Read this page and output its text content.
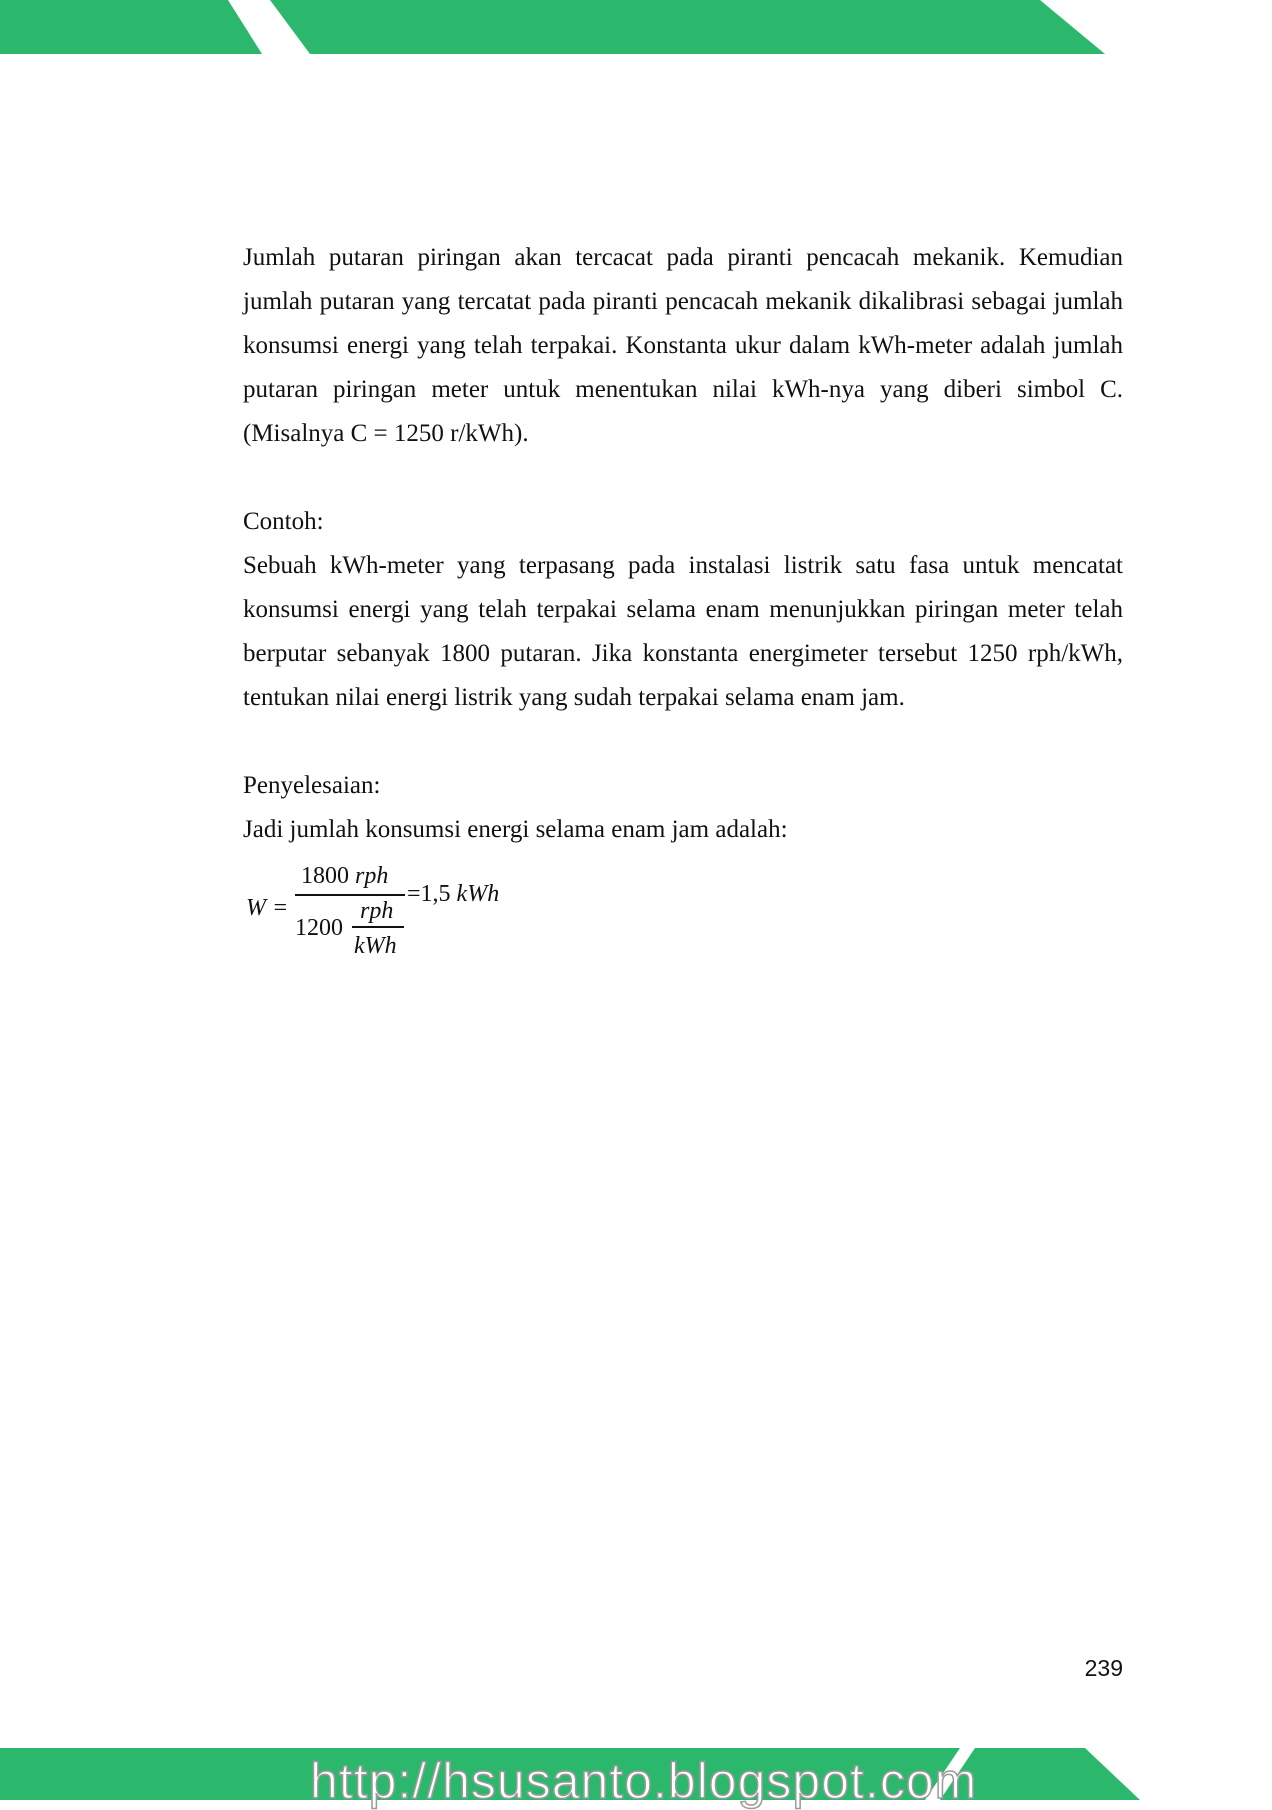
Jumlah putaran piringan akan tercacat pada piranti pencacah mekanik. Kemudian jumlah putaran yang tercatat pada piranti pencacah mekanik dikalibrasi sebagai jumlah konsumsi energi yang telah terpakai. Konstanta ukur dalam kWh-meter adalah jumlah putaran piringan meter untuk menentukan nilai kWh-nya yang diberi simbol C. (Misalnya C = 1250 r/kWh).

Contoh:

Sebuah kWh-meter yang terpasang pada instalasi listrik satu fasa untuk mencatat konsumsi energi yang telah terpakai selama enam menunjukkan piringan meter telah berputar sebanyak 1800 putaran. Jika konstanta energimeter tersebut 1250 rph/kWh, tentukan nilai energi listrik yang sudah terpakai selama enam jam.

Penyelesaian:

Jadi jumlah konsumsi energi selama enam jam adalah:

W =
1800 rph
1200
rph
kWh
=1,5 kWh
239
http://hsusanto.blogspot.com
